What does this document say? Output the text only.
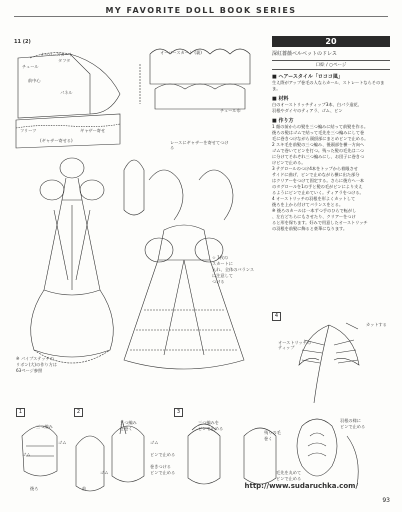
MY FAVORITE DOLL BOOK SERIES
11 (2)
オーバースカート
タフタ
チュール
前中心
パネル
フリーツ	ギャザー寄せ
(ギャザー寄せる)	レースにギャザーを寄せてつける
チュール巾
オーバースカート (裏)
※ パイプステッチの
リボン(大)の作り方は
63ページ参照
☆ 1枚の
スカートに
入れ、全体のバランス
に注意して
つける
20
深紅薔薇ベルベットのドレス
口絵 / ○ページ
■ ヘアースタイル「ロココ風」

生え際がアップ巻毛の人ならカール、ストレートならそのまま。

■ 材料

白のオーストリッチティップ3本、白パラ造花、

羽根やダイヤのティアラ、ゴム、ピン

■ 作り方

1 顔の前からの髪を三つ編みに結って前髪を作る。

後ろの髪はゴムで結って毛先を三つ編みにして巻

毛に巻きつけながら頭頂部にまとめピンで止める。

2 スキ毛を前髪の三つ編み、後頭部を横一方向へ

ゴムで巻いてピンを打つ。残った髪の毛先は二つ

に分けてそれぞれ三つ編みにし、お団子に巻きつ

けピンで止める。

3 テグロールのつけ4本をトップから着眼させ

サイドに曲げ、ピンで止めながら横に出た部分

はクリアーをつけて固定する。さらに後方へ一本

のタグロールを1の手と髪の毛がピンにより支え

るようにピンで止めていく。ティアラをつける。

4 オーストリッチの羽根を形よくカットして

後ろを上から付けてバランスをとる。

※ 後ろのカールは一本ずつ手のひらで転がし

、左右どちらにもさせたり、クリアーをつけ

ると形を保ちます。好みで用意したオーストリッチ

の羽根を前髪に飾ると豪華になります。

4
カットする
オーストリッチのティップ
1	2	3
三つ編み
ゴム
ゴム
後ろ	前
三つ編み
を巻く
ゴム
ピンで止める
ゴム
巻きつける
ピンで止める
三つ編みを
ピンで止める
残りの毛
巻く
羽根の様に
ピンで止める
毛先を丸めて
ピンで止める
http://www.sudaruchka.com/
93
